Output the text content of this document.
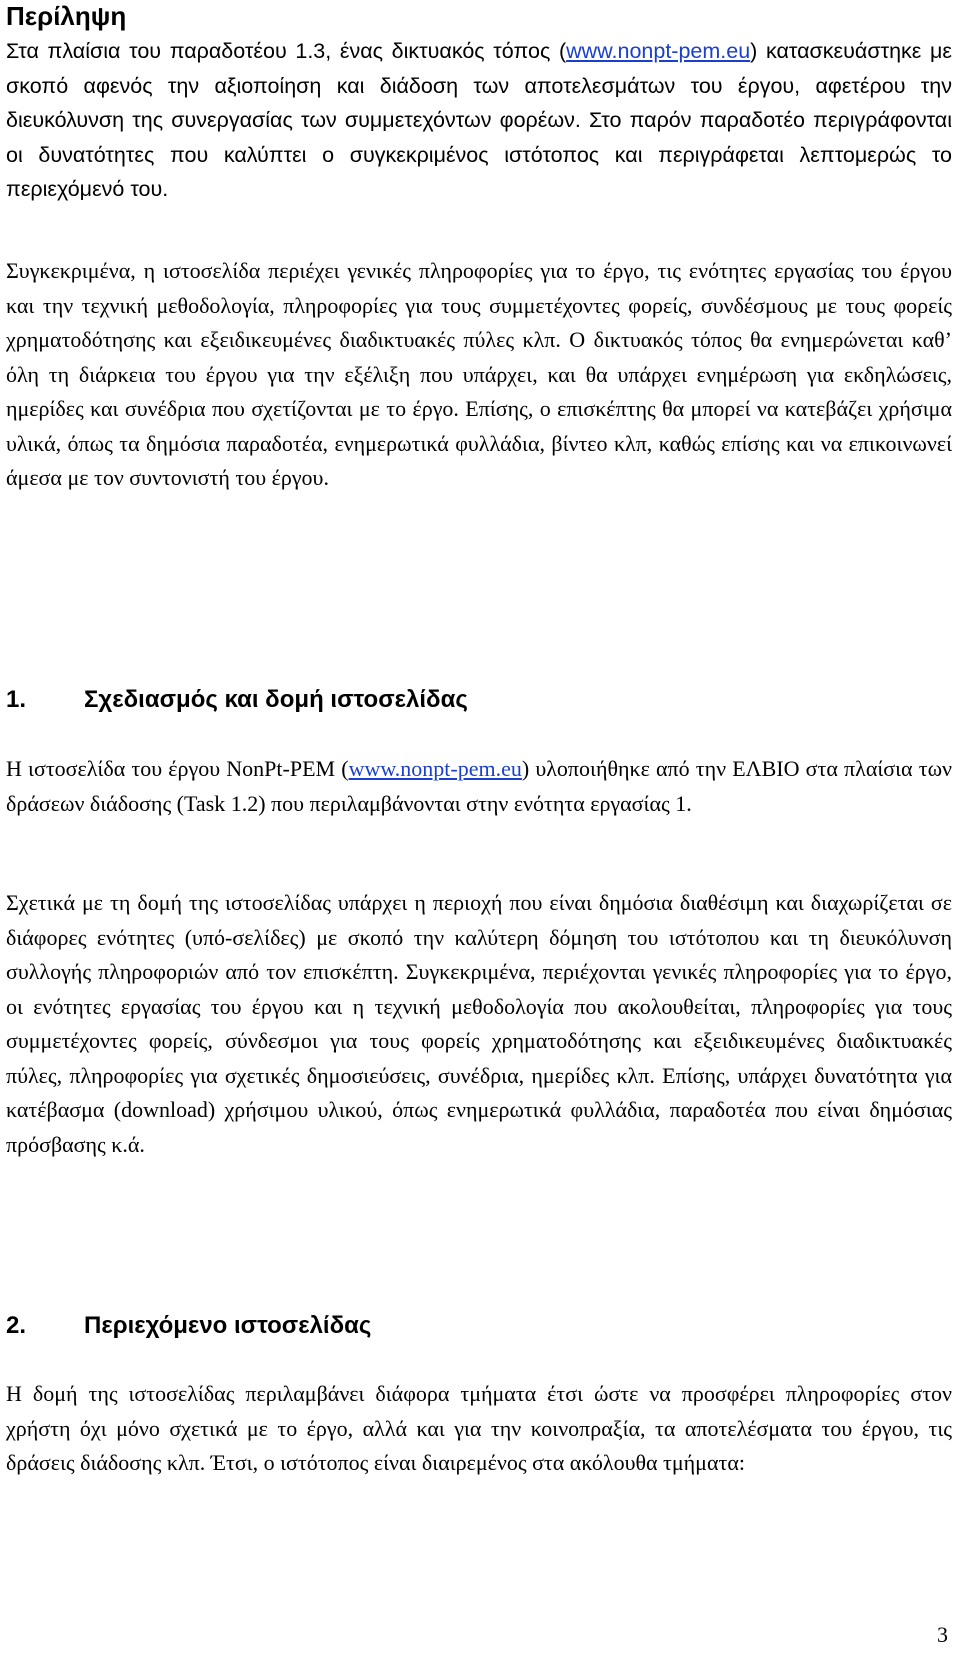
Περίληψη

Στα πλαίσια του παραδοτέου 1.3, ένας δικτυακός τόπος (www.nonpt-pem.eu) κατασκευάστηκε με σκοπό αφενός την αξιοποίηση και διάδοση των αποτελεσμάτων του έργου, αφετέρου την διευκόλυνση της συνεργασίας των συμμετεχόντων φορέων. Στο παρόν παραδοτέο περιγράφονται οι δυνατότητες που καλύπτει ο συγκεκριμένος ιστότοπος και περιγράφεται λεπτομερώς το περιεχόμενό του.

Συγκεκριμένα, η ιστοσελίδα περιέχει γενικές πληροφορίες για το έργο, τις ενότητες εργασίας του έργου και την τεχνική μεθοδολογία, πληροφορίες για τους συμμετέχοντες φορείς, συνδέσμους με τους φορείς χρηματοδότησης και εξειδικευμένες διαδικτυακές πύλες κλπ. Ο δικτυακός τόπος θα ενημερώνεται καθ’ όλη τη διάρκεια του έργου για την εξέλιξη που υπάρχει, και θα υπάρχει ενημέρωση για εκδηλώσεις, ημερίδες και συνέδρια που σχετίζονται με το έργο. Επίσης, ο επισκέπτης θα μπορεί να κατεβάζει χρήσιμα υλικά, όπως τα δημόσια παραδοτέα, ενημερωτικά φυλλάδια, βίντεο κλπ, καθώς επίσης και να επικοινωνεί άμεσα με τον συντονιστή του έργου.

1. Σχεδιασμός και δομή ιστοσελίδας

Η ιστοσελίδα του έργου NonPt-PEM (www.nonpt-pem.eu) υλοποιήθηκε από την ΕΛΒΙΟ στα πλαίσια των δράσεων διάδοσης (Task 1.2) που περιλαμβάνονται στην ενότητα εργασίας 1.

Σχετικά με τη δομή της ιστοσελίδας υπάρχει η περιοχή που είναι δημόσια διαθέσιμη και διαχωρίζεται σε διάφορες ενότητες (υπό-σελίδες) με σκοπό την καλύτερη δόμηση του ιστότοπου και τη διευκόλυνση συλλογής πληροφοριών από τον επισκέπτη. Συγκεκριμένα, περιέχονται γενικές πληροφορίες για το έργο, οι ενότητες εργασίας του έργου και η τεχνική μεθοδολογία που ακολουθείται, πληροφορίες για τους συμμετέχοντες φορείς, σύνδεσμοι για τους φορείς χρηματοδότησης και εξειδικευμένες διαδικτυακές πύλες, πληροφορίες για σχετικές δημοσιεύσεις, συνέδρια, ημερίδες κλπ. Επίσης, υπάρχει δυνατότητα για κατέβασμα (download) χρήσιμου υλικού, όπως ενημερωτικά φυλλάδια, παραδοτέα που είναι δημόσιας πρόσβασης κ.ά.

2. Περιεχόμενο ιστοσελίδας

Η δομή της ιστοσελίδας περιλαμβάνει διάφορα τμήματα έτσι ώστε να προσφέρει πληροφορίες στον χρήστη όχι μόνο σχετικά με το έργο, αλλά και για την κοινοπραξία, τα αποτελέσματα του έργου, τις δράσεις διάδοσης κλπ. Έτσι, ο ιστότοπος είναι διαιρεμένος στα ακόλουθα τμήματα:

3
